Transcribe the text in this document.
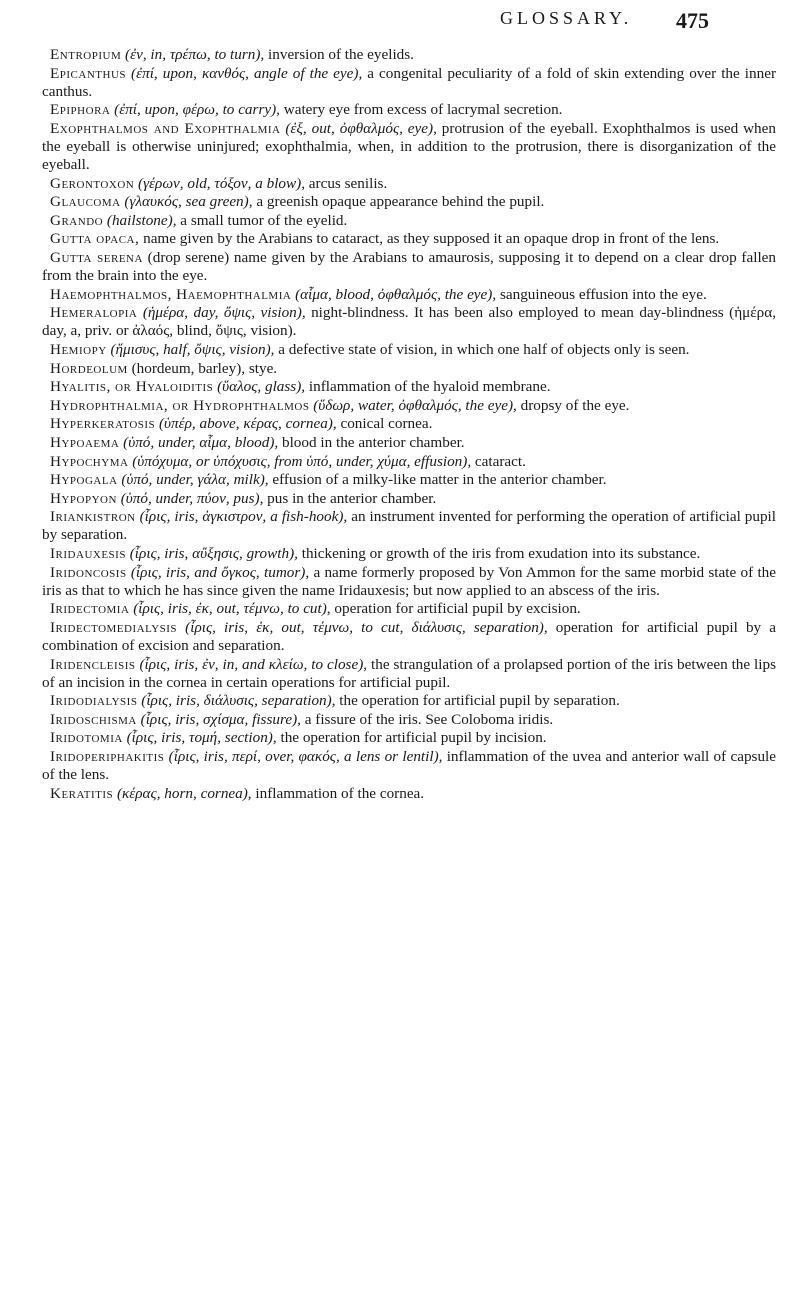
GLOSSARY. 475

Entropium (ἐν, in, τρέπω, to turn), inversion of the eyelids.

Epicanthus (ἐπί, upon, κανθός, angle of the eye), a congenital peculiarity of a fold of skin extending over the inner canthus.

Epiphora (ἐπί, upon, φέρω, to carry), watery eye from excess of lacrymal secretion.

Exophthalmos and Exophthalmia (ἐξ, out, ὀφθαλμός, eye), protrusion of the eyeball. Exophthalmos is used when the eyeball is otherwise uninjured; exophthalmia, when, in addition to the protrusion, there is disorganization of the eyeball.

Gerontoxon (γέρων, old, τόξον, a blow), arcus senilis.

Glaucoma (γλαυκός, sea green), a greenish opaque appearance behind the pupil.

Grando (hailstone), a small tumor of the eyelid.

Gutta opaca, name given by the Arabians to cataract, as they supposed it an opaque drop in front of the lens.

Gutta serena (drop serene) name given by the Arabians to amaurosis, supposing it to depend on a clear drop fallen from the brain into the eye.

Haemophthalmos, Haemophthalmia (αἷμα, blood, ὀφθαλμός, the eye), sanguineous effusion into the eye.

Hemeralopia (ἡμέρα, day, ὄψις, vision), night-blindness. It has been also employed to mean day-blindness (ἡμέρα, day, a, priv. or ἀλαός, blind, ὄψις, vision).

Hemiopy (ἥμισυς, half, ὄψις, vision), a defective state of vision, in which one half of objects only is seen.

Hordeolum (hordeum, barley), stye.

Hyalitis, or Hyaloiditis (ὕαλος, glass), inflammation of the hyaloid membrane.

Hydrophthalmia, or Hydrophthalmos (ὕδωρ, water, ὀφθαλμός, the eye), dropsy of the eye.

Hyperkeratosis (ὑπέρ, above, κέρας, cornea), conical cornea.

Hypoaema (ὑπό, under, αἷμα, blood), blood in the anterior chamber.

Hypochyma (ὑπόχυμα, or ὑπόχυσις, from ὑπό, under, χύμα, effusion), cataract.

Hypogala (ὑπό, under, γάλα, milk), effusion of a milky-like matter in the anterior chamber.

Hypopyon (ὑπό, under, πύον, pus), pus in the anterior chamber.

Iriankistron (ἶρις, iris, ἀγκιστρον, a fish-hook), an instrument invented for performing the operation of artificial pupil by separation.

Iridauxesis (ἶρις, iris, αὔξησις, growth), thickening or growth of the iris from exudation into its substance.

Iridoncosis (ἶρις, iris, and ὄγκος, tumor), a name formerly proposed by Von Ammon for the same morbid state of the iris as that to which he has since given the name Iridauxesis; but now applied to an abscess of the iris.

Iridectomia (ἶρις, iris, ἐκ, out, τέμνω, to cut), operation for artificial pupil by excision.

Iridectomedialysis (ἶρις, iris, ἐκ, out, τέμνω, to cut, διάλυσις, separation), operation for artificial pupil by a combination of excision and separation.

Iridencleisis (ἶρις, iris, ἐν, in, and κλείω, to close), the strangulation of a prolapsed portion of the iris between the lips of an incision in the cornea in certain operations for artificial pupil.

Iridodialysis (ἶρις, iris, διάλυσις, separation), the operation for artificial pupil by separation.

Iridoschisma (ἶρις, iris, σχίσμα, fissure), a fissure of the iris. See Coloboma iridis.

Iridotomia (ἶρις, iris, τομή, section), the operation for artificial pupil by incision.

Iridoperiphakitis (ἶρις, iris, περί, over, φακός, a lens or lentil), inflammation of the uvea and anterior wall of capsule of the lens.

Keratitis (κέρας, horn, cornea), inflammation of the cornea.
